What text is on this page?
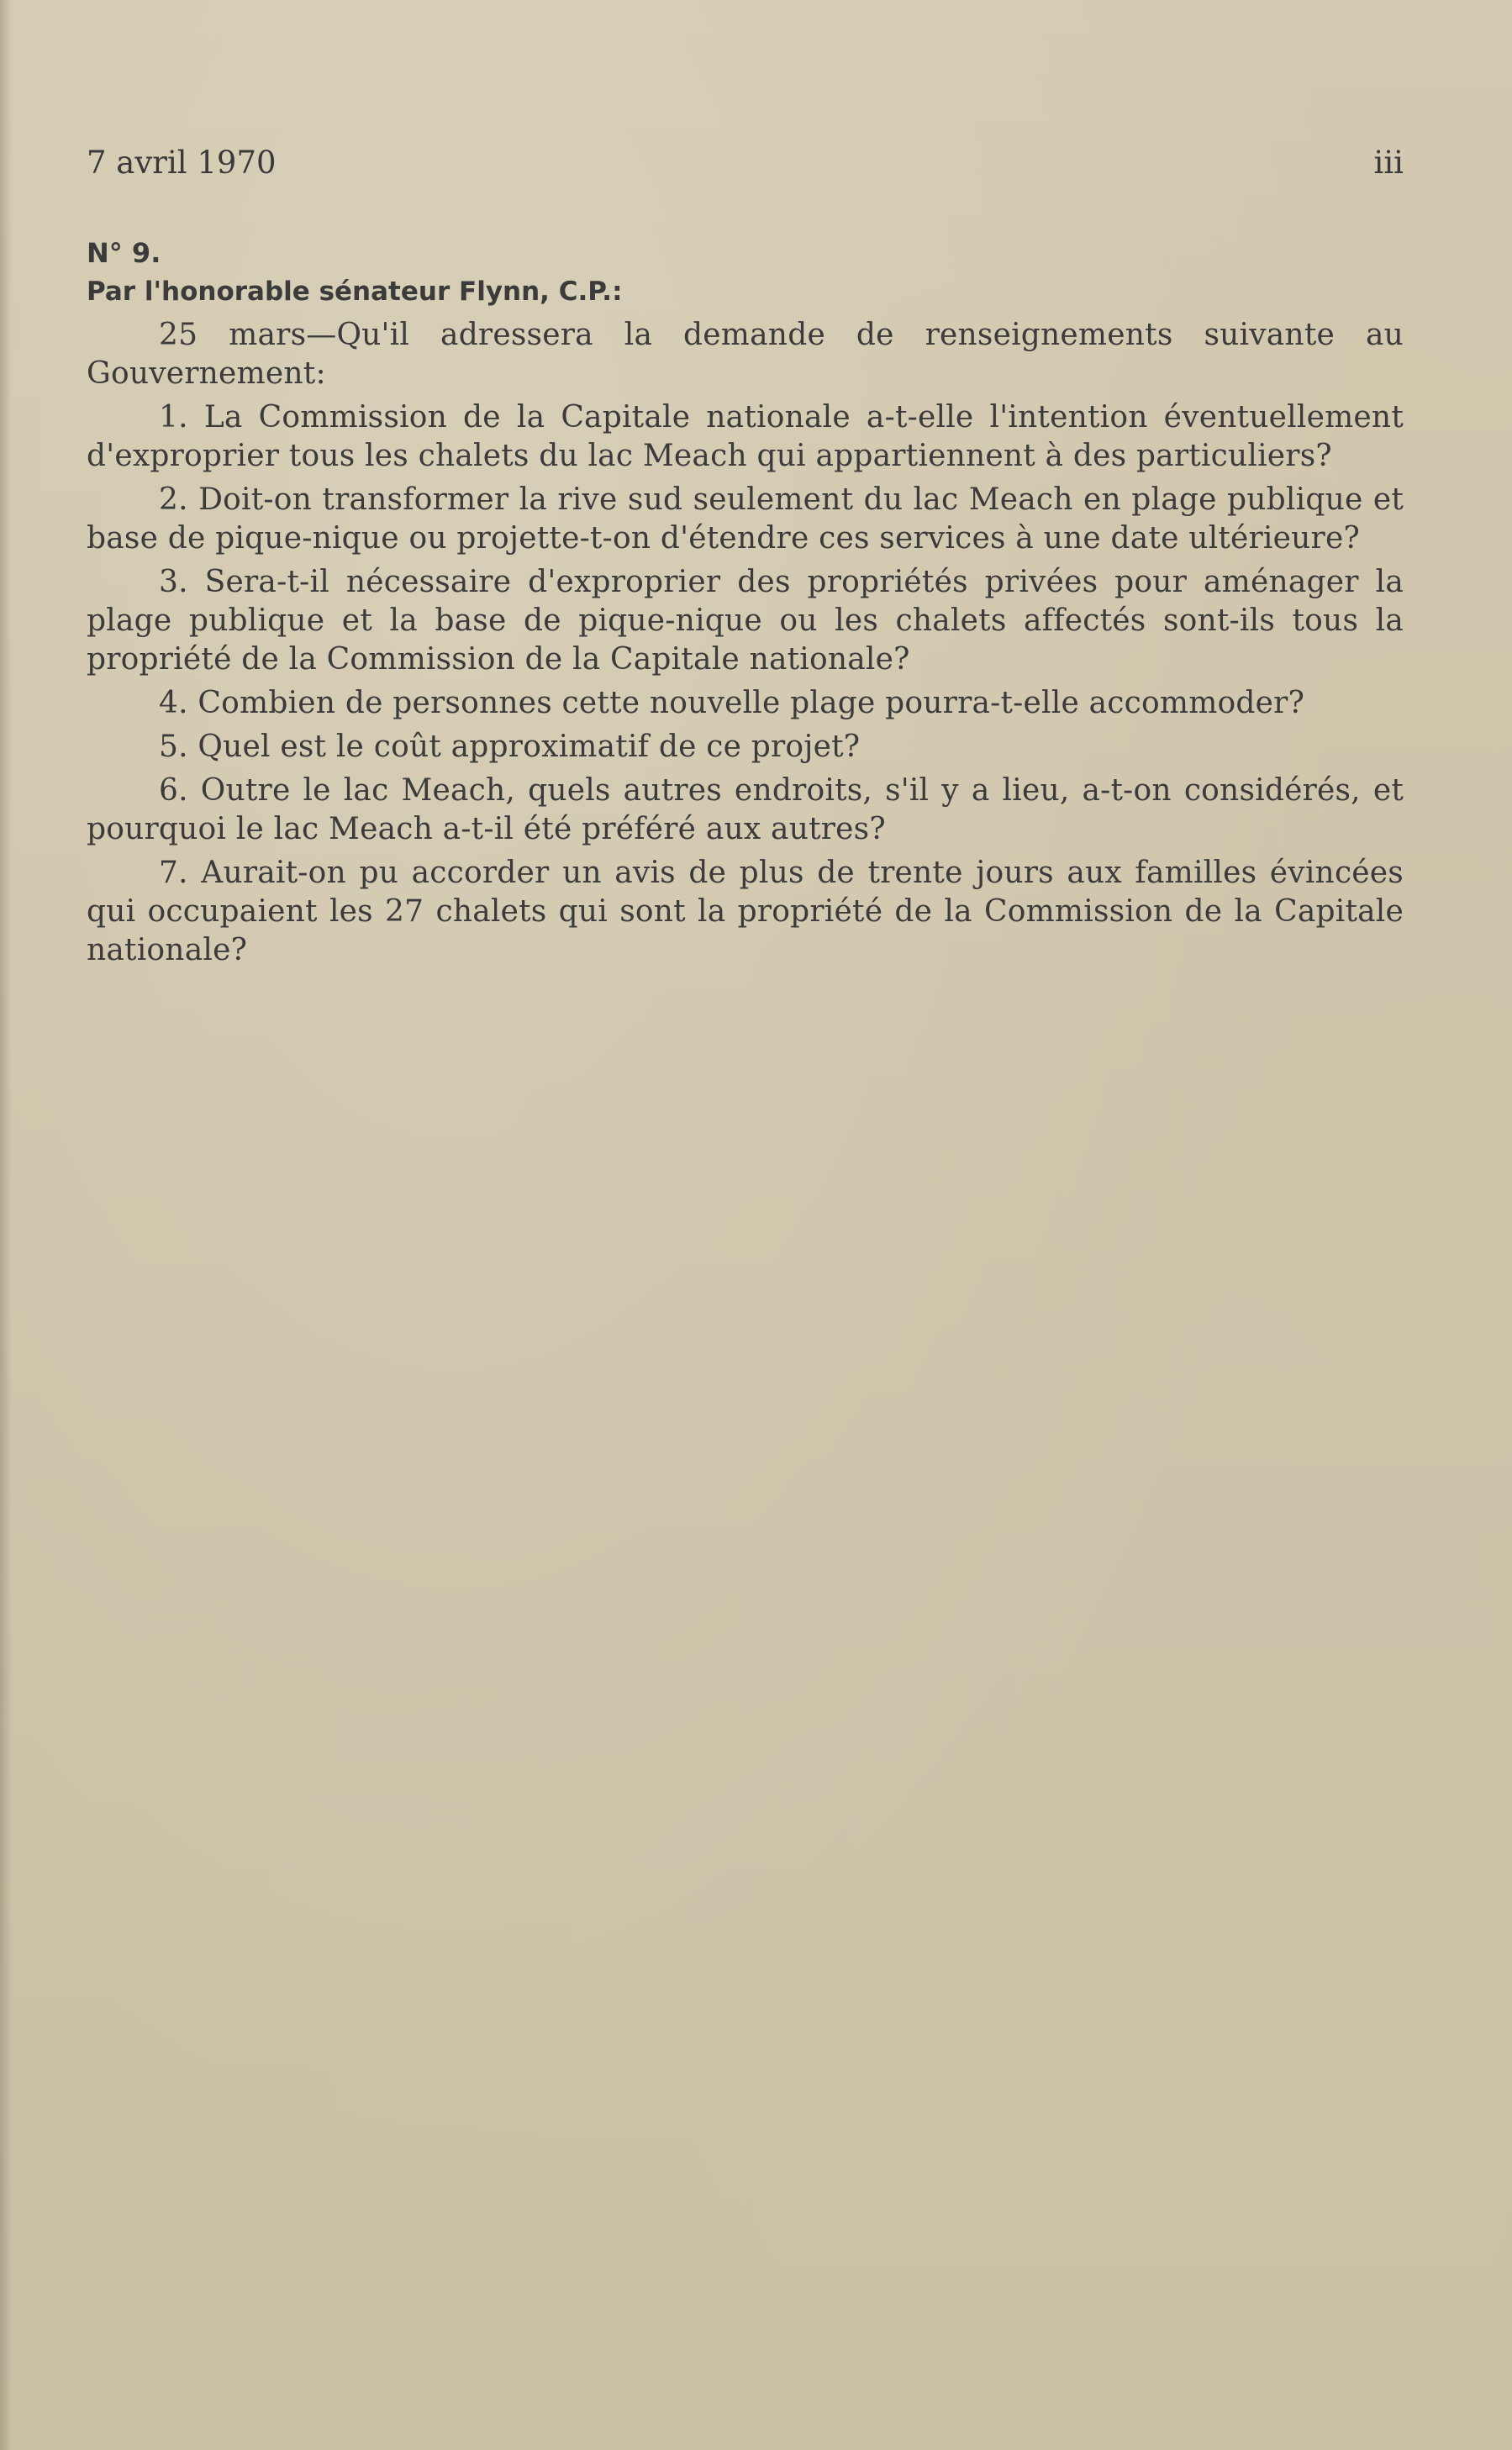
7 avril 1970	iii

N° 9.

Par l'honorable sénateur Flynn, C.P.:

25 mars—Qu'il adressera la demande de renseignements suivante au Gouvernement:

1. La Commission de la Capitale nationale a-t-elle l'intention éventuellement d'exproprier tous les chalets du lac Meach qui appartiennent à des particuliers?

2. Doit-on transformer la rive sud seulement du lac Meach en plage publique et base de pique-nique ou projette-t-on d'étendre ces services à une date ultérieure?

3. Sera-t-il nécessaire d'exproprier des propriétés privées pour aménager la plage publique et la base de pique-nique ou les chalets affectés sont-ils tous la propriété de la Commission de la Capitale nationale?

4. Combien de personnes cette nouvelle plage pourra-t-elle accommoder?

5. Quel est le coût approximatif de ce projet?

6. Outre le lac Meach, quels autres endroits, s'il y a lieu, a-t-on considérés, et pourquoi le lac Meach a-t-il été préféré aux autres?

7. Aurait-on pu accorder un avis de plus de trente jours aux familles évincées qui occupaient les 27 chalets qui sont la propriété de la Commission de la Capitale nationale?
